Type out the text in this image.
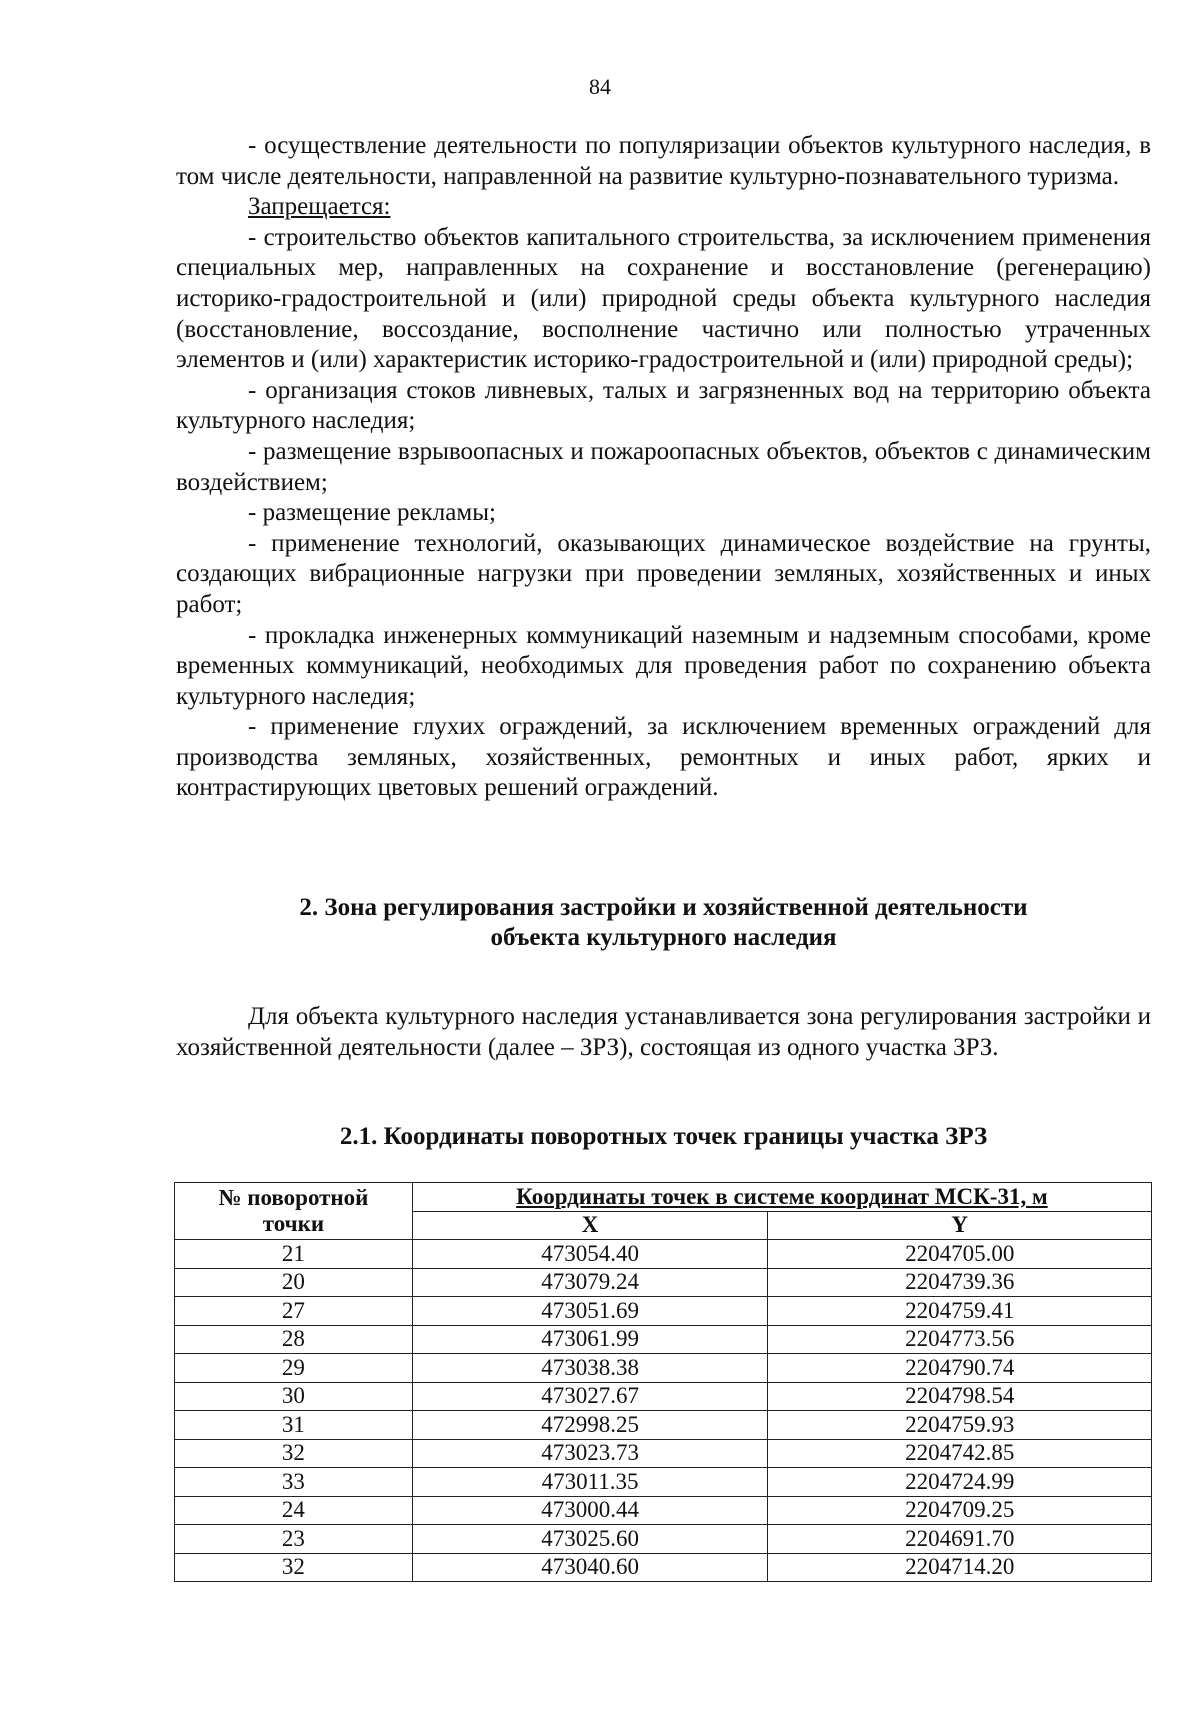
84

- осуществление деятельности по популяризации объектов культурного наследия, в том числе деятельности, направленной на развитие культурно-познавательного туризма.

Запрещается:

- строительство объектов капитального строительства, за исключением применения специальных мер, направленных на сохранение и восстановление (регенерацию) историко-градостроительной и (или) природной среды объекта культурного наследия (восстановление, воссоздание, восполнение частично или полностью утраченных элементов и (или) характеристик историко-градостроительной и (или) природной среды);

- организация стоков ливневых, талых и загрязненных вод на территорию объекта культурного наследия;

- размещение взрывоопасных и пожароопасных объектов, объектов с динамическим воздействием;

- размещение рекламы;

- применение технологий, оказывающих динамическое воздействие на грунты, создающих вибрационные нагрузки при проведении земляных, хозяйственных и иных работ;

- прокладка инженерных коммуникаций наземным и надземным способами, кроме временных коммуникаций, необходимых для проведения работ по сохранению объекта культурного наследия;

- применение глухих ограждений, за исключением временных ограждений для производства земляных, хозяйственных, ремонтных и иных работ, ярких и контрастирующих цветовых решений ограждений.

2. Зона регулирования застройки и хозяйственной деятельности
объекта культурного наследия

Для объекта культурного наследия устанавливается зона регулирования застройки и хозяйственной деятельности (далее – ЗРЗ), состоящая из одного участка ЗРЗ.

2.1. Координаты поворотных точек границы участка ЗРЗ
№ поворотной
точки	Координаты точек в системе координат МСК-31, м	
	X	Y
21	473054.40	2204705.00
20	473079.24	2204739.36
27	473051.69	2204759.41
28	473061.99	2204773.56
29	473038.38	2204790.74
30	473027.67	2204798.54
31	472998.25	2204759.93
32	473023.73	2204742.85
33	473011.35	2204724.99
24	473000.44	2204709.25
23	473025.60	2204691.70
32	473040.60	2204714.20
